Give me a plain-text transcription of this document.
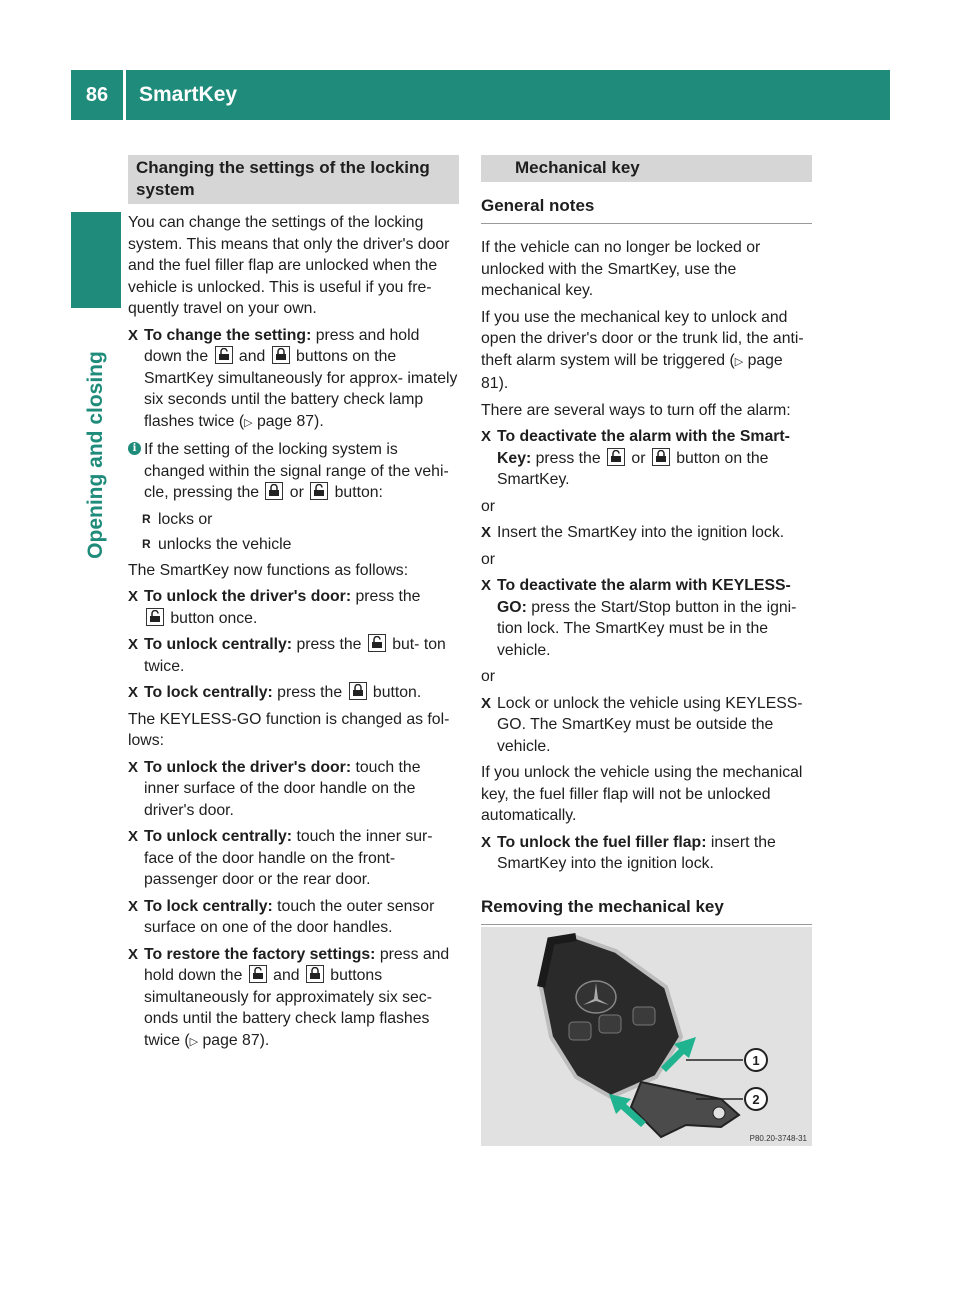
86	SmartKey
Opening and closing
Changing the settings of the locking
system

You can change the settings of the locking system. This means that only the driver's door and the fuel filler flap are unlocked when the vehicle is unlocked. This is useful if you fre- quently travel on your own.

X To change the setting: press and hold down the
and
buttons on the SmartKey simultaneously for approx- imately six seconds until the battery check lamp flashes twice (▷ page 87).
i If the setting of the locking system is changed within the signal range of the vehi- cle, pressing the
or
button:
R locks or
R unlocks the vehicle

The SmartKey now functions as follows:

X To unlock the driver's door: press the

button once.
X To unlock centrally: press the
but- ton twice.
X To lock centrally: press the
button.

The KEYLESS-GO function is changed as fol- lows:

X To unlock the driver's door: touch the inner surface of the door handle on the driver's door.
X To unlock centrally: touch the inner sur- face of the door handle on the front- passenger door or the rear door.
X To lock centrally: touch the outer sensor surface on one of the door handles.
X To restore the factory settings: press and hold down the
and
buttons simultaneously for approximately six sec- onds until the battery check lamp flashes twice (▷ page 87).
Mechanical key
General notes

If the vehicle can no longer be locked or unlocked with the SmartKey, use the mechanical key.

If you use the mechanical key to unlock and open the driver's door or the trunk lid, the anti-theft alarm system will be triggered (▷ page 81).

There are several ways to turn off the alarm:

X To deactivate the alarm with the Smart- Key: press the
or
button on the SmartKey.

or

X Insert the SmartKey into the ignition lock.

or

X To deactivate the alarm with KEYLESS- GO: press the Start/Stop button in the igni- tion lock. The SmartKey must be in the vehicle.

or

X Lock or unlock the vehicle using KEYLESS- GO. The SmartKey must be outside the vehicle.

If you unlock the vehicle using the mechanical key, the fuel filler flap will not be unlocked automatically.

X To unlock the fuel filler flap: insert the SmartKey into the ignition lock.
Removing the mechanical key
1
2
P80.20-3748-31
